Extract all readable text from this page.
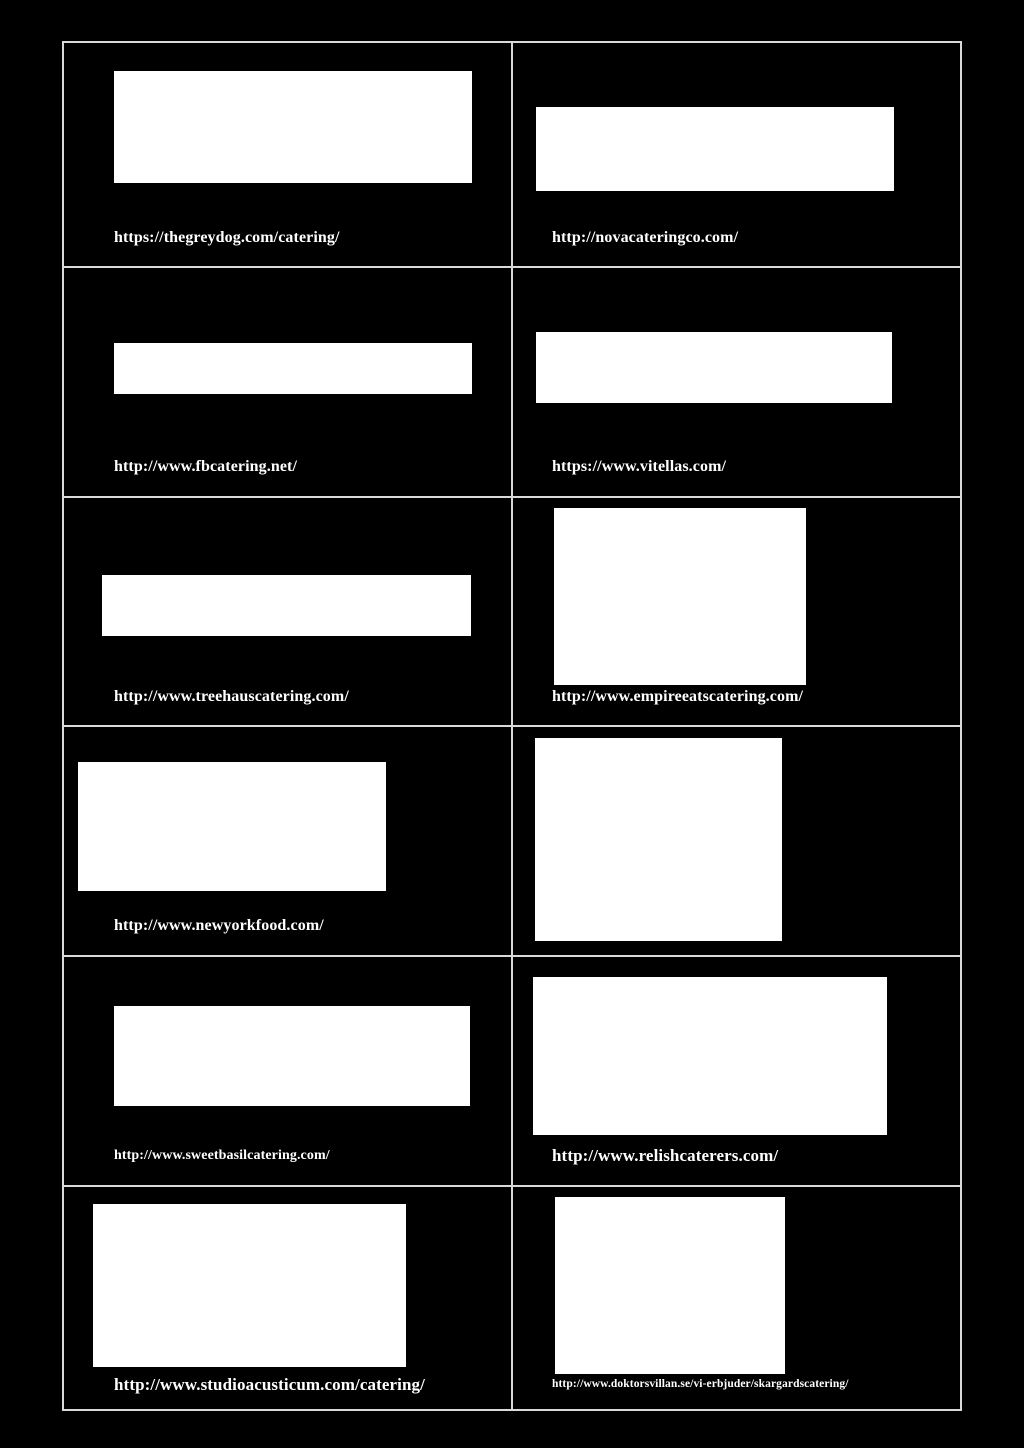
https://thegreydog.com/catering/	http://novacateringco.com/
http://www.fbcatering.net/	https://www.vitellas.com/
http://www.treehauscatering.com/	http://www.empireeatscatering.com/
http://www.newyorkfood.com/
http://www.sweetbasilcatering.com/	http://www.relishcaterers.com/
http://www.studioacusticum.com/catering/	http://www.doktorsvillan.se/vi-erbjuder/skargardscatering/
